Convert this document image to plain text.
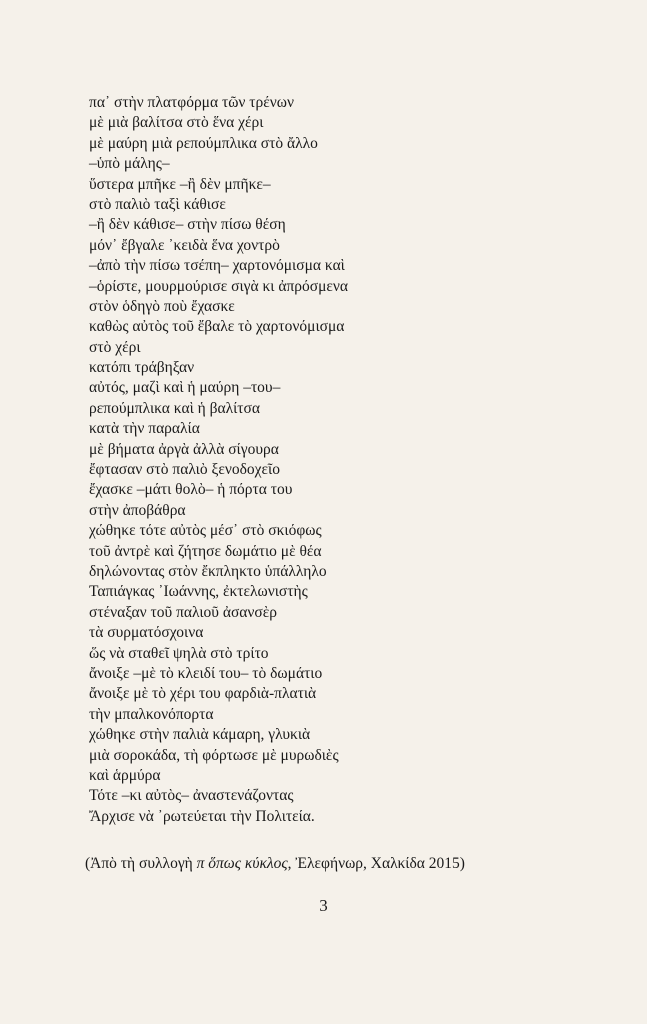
πα᾽ στὴν πλατφόρμα τῶν τρένων
μὲ μιὰ βαλίτσα στὸ ἕνα χέρι
μὲ μαύρη μιὰ ρεπούμπλικα στὸ ἄλλο
–ὑπὸ μάλης–
ὕστερα μπῆκε –ἢ δὲν μπῆκε–
στὸ παλιὸ ταξὶ κάθισε
–ἢ δὲν κάθισε– στὴν πίσω θέση
μόν᾽ ἔβγαλε ᾽κειδὰ ἕνα χοντρὸ
–ἀπὸ τὴν πίσω τσέπη– χαρτονόμισμα καὶ
–ὁρίστε, μουρμούρισε σιγὰ κι ἀπρόσμενα
στὸν ὁδηγὸ ποὺ ἔχασκε
καθὼς αὐτὸς τοῦ ἔβαλε τὸ χαρτονόμισμα
στὸ χέρι
κατόπι τράβηξαν
αὐτός, μαζὶ καὶ ἡ μαύρη –του–
ρεπούμπλικα καὶ ἡ βαλίτσα
κατὰ τὴν παραλία
μὲ βήματα ἀργὰ ἀλλὰ σίγουρα
ἔφτασαν στὸ παλιὸ ξενοδοχεῖο
ἔχασκε –μάτι θολὸ– ἡ πόρτα του
στὴν ἀποβάθρα
χώθηκε τότε αὐτὸς μέσ᾽ στὸ σκιόφως
τοῦ ἀντρὲ καὶ ζήτησε δωμάτιο μὲ θέα
δηλώνοντας στὸν ἔκπληκτο ὑπάλληλο
Ταπιάγκας ᾽Ιωάννης, ἐκτελωνιστὴς
στέναξαν τοῦ παλιοῦ ἀσανσὲρ
τὰ συρματόσχοινα
ὥς νὰ σταθεῖ ψηλὰ στὸ τρίτο
ἄνοιξε –μὲ τὸ κλειδί του– τὸ δωμάτιο
ἄνοιξε μὲ τὸ χέρι του φαρδιὰ-πλατιὰ
τὴν μπαλκονόπορτα
χώθηκε στὴν παλιὰ κάμαρη, γλυκιὰ
μιὰ σοροκάδα, τὴ φόρτωσε μὲ μυρωδιὲς
καὶ ἁρμύρα
Τότε –κι αὐτὸς– ἀναστενάζοντας
Ἄρχισε νὰ ᾽ρωτεύεται τὴν Πολιτεία.
(Ἀπὸ τὴ συλλογὴ π ὅπως κύκλος, Ἐλεφήνωρ, Χαλκίδα 2015)
3
